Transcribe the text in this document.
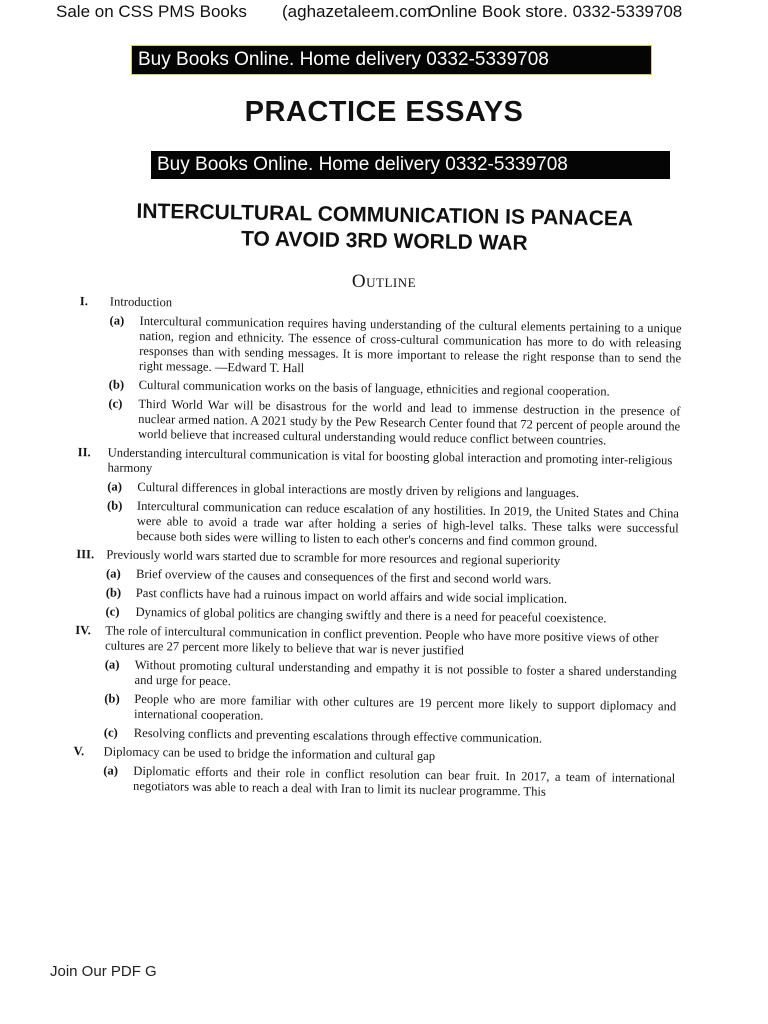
Sale on CSS PMS Books (aghazetaleem.com
Online Book store. 0332-5339708
Buy Books Online. Home delivery 0332-5339708
PRACTICE ESSAYS
Buy Books Online. Home delivery 0332-5339708
INTERCULTURAL COMMUNICATION IS PANACEA
TO AVOID 3RD WORLD WAR
Outline
I. Introduction
(a) Intercultural communication requires having understanding of the cultural elements pertaining to a unique nation, region and ethnicity. The essence of cross-cultural communication has more to do with releasing responses than with sending messages. It is more important to release the right response than to send the right message. —Edward T. Hall
(b) Cultural communication works on the basis of language, ethnicities and regional cooperation.
(c) Third World War will be disastrous for the world and lead to immense destruction in the presence of nuclear armed nation. A 2021 study by the Pew Research Center found that 72 percent of people around the world believe that increased cultural understanding would reduce conflict between countries.
II. Understanding intercultural communication is vital for boosting global interaction and promoting inter-religious harmony
(a) Cultural differences in global interactions are mostly driven by religions and languages.
(b) Intercultural communication can reduce escalation of any hostilities. In 2019, the United States and China were able to avoid a trade war after holding a series of high-level talks. These talks were successful because both sides were willing to listen to each other's concerns and find common ground.
III. Previously world wars started due to scramble for more resources and regional superiority
(a) Brief overview of the causes and consequences of the first and second world wars.
(b) Past conflicts have had a ruinous impact on world affairs and wide social implication.
(c) Dynamics of global politics are changing swiftly and there is a need for peaceful coexistence.
IV. The role of intercultural communication in conflict prevention. People who have more positive views of other cultures are 27 percent more likely to believe that war is never justified
(a) Without promoting cultural understanding and empathy it is not possible to foster a shared understanding and urge for peace.
(b) People who are more familiar with other cultures are 19 percent more likely to support diplomacy and international cooperation.
(c) Resolving conflicts and preventing escalations through effective communication.
V. Diplomacy can be used to bridge the information and cultural gap
(a) Diplomatic efforts and their role in conflict resolution can bear fruit. In 2017, a team of international negotiators was able to reach a deal with Iran to limit its nuclear programme. This
Join Our PDF G
